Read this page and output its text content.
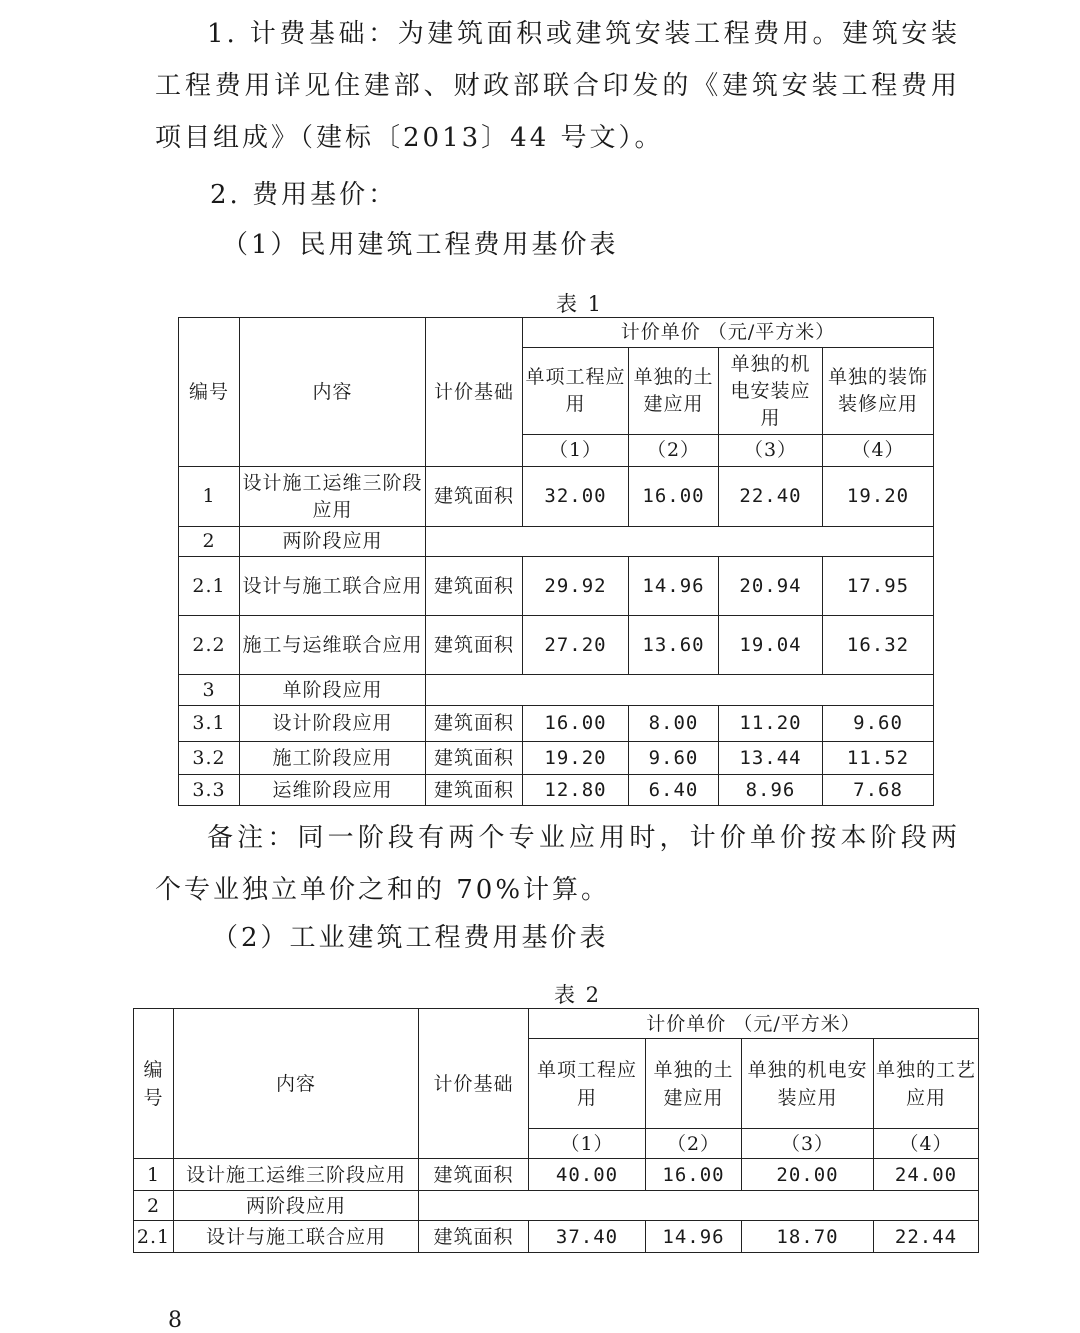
1. 计费基础：为建筑面积或建筑安装工程费用。建筑安装工程费用详见住建部、财政部联合印发的《建筑安装工程费用项目组成》（建标〔2013〕44 号文）。
2. 费用基价：
（1）民用建筑工程费用基价表
表 1
编号	内容	计价基础	计价单价 （元/平方米）			
			单项工程应用	单独的土建应用	单独的机电安装应用	单独的装饰装修应用
			（1）	（2）	（3）	（4）
1	设计施工运维三阶段应用	建筑面积	32.00	16.00	22.40	19.20
2	两阶段应用					
2.1	设计与施工联合应用	建筑面积	29.92	14.96	20.94	17.95
2.2	施工与运维联合应用	建筑面积	27.20	13.60	19.04	16.32
3	单阶段应用					
3.1	设计阶段应用	建筑面积	16.00	8.00	11.20	9.60
3.2	施工阶段应用	建筑面积	19.20	9.60	13.44	11.52
3.3	运维阶段应用	建筑面积	12.80	6.40	8.96	7.68
备注：同一阶段有两个专业应用时，计价单价按本阶段两个专业独立单价之和的 70%计算。
（2）工业建筑工程费用基价表
表 2
编号	内容	计价基础	计价单价 （元/平方米）			
			单项工程应用	单独的土建应用	单独的机电安装应用	单独的工艺应用
			（1）	（2）	（3）	（4）
1	设计施工运维三阶段应用	建筑面积	40.00	16.00	20.00	24.00
2	两阶段应用					
2.1	设计与施工联合应用	建筑面积	37.40	14.96	18.70	22.44
8
